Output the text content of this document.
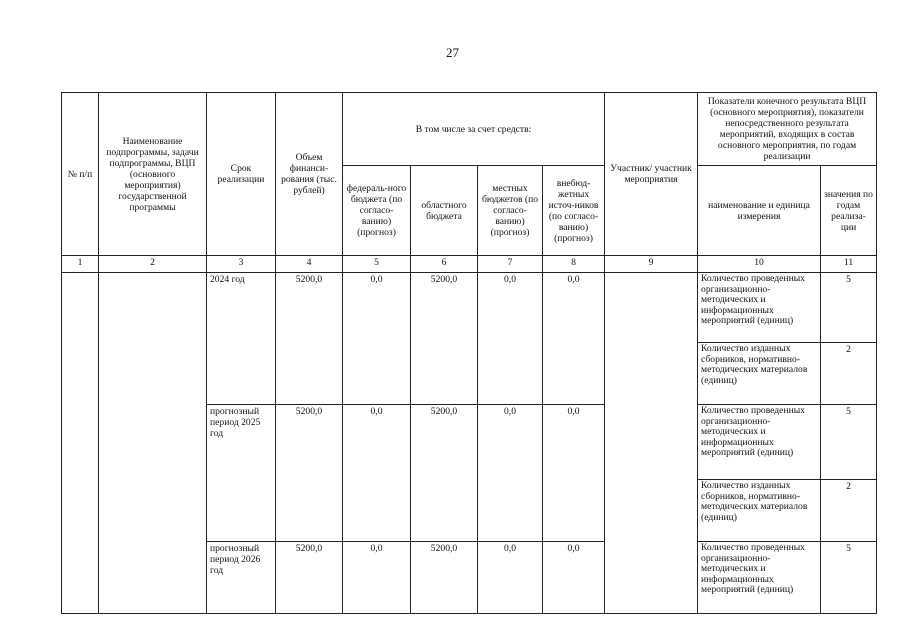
27
№ п/п	Наименование подпрограммы, задачи подпрограммы, ВЦП (основного мероприятия) государственной программы	Срок реализации	Объем финанси-рования (тыс. рублей)	В том числе за счет средств:				Участник/ участник мероприятия	Показатели конечного результата ВЦП (основного мероприятия), показатели непосредственного результата мероприятий, входящих в состав основного мероприятия, по годам реализации	
				федераль-ного бюджета (по согласо-ванию) (прогноз)	областного бюджета	местных бюджетов (по согласо-ванию) (прогноз)	внебюд-жетных источ-ников (по согласо-ванию) (прогноз)		наименование и единица измерения	значения по годам реализа-ции
1	2	3	4	5	6	7	8	9	10	11
		2024 год	5200,0	0,0	5200,0	0,0	0,0		Количество проведенных организационно-методических и информационных мероприятий (единиц)	5
									Количество изданных сборников, нормативно-методических материалов (единиц)	2
		прогнозный период 2025 год	5200,0	0,0	5200,0	0,0	0,0		Количество проведенных организационно-методических и информационных мероприятий (единиц)	5
									Количество изданных сборников, нормативно-методических материалов (единиц)	2
		прогнозный период 2026 год	5200,0	0,0	5200,0	0,0	0,0		Количество проведенных организационно-методических и информационных мероприятий (единиц)	5
